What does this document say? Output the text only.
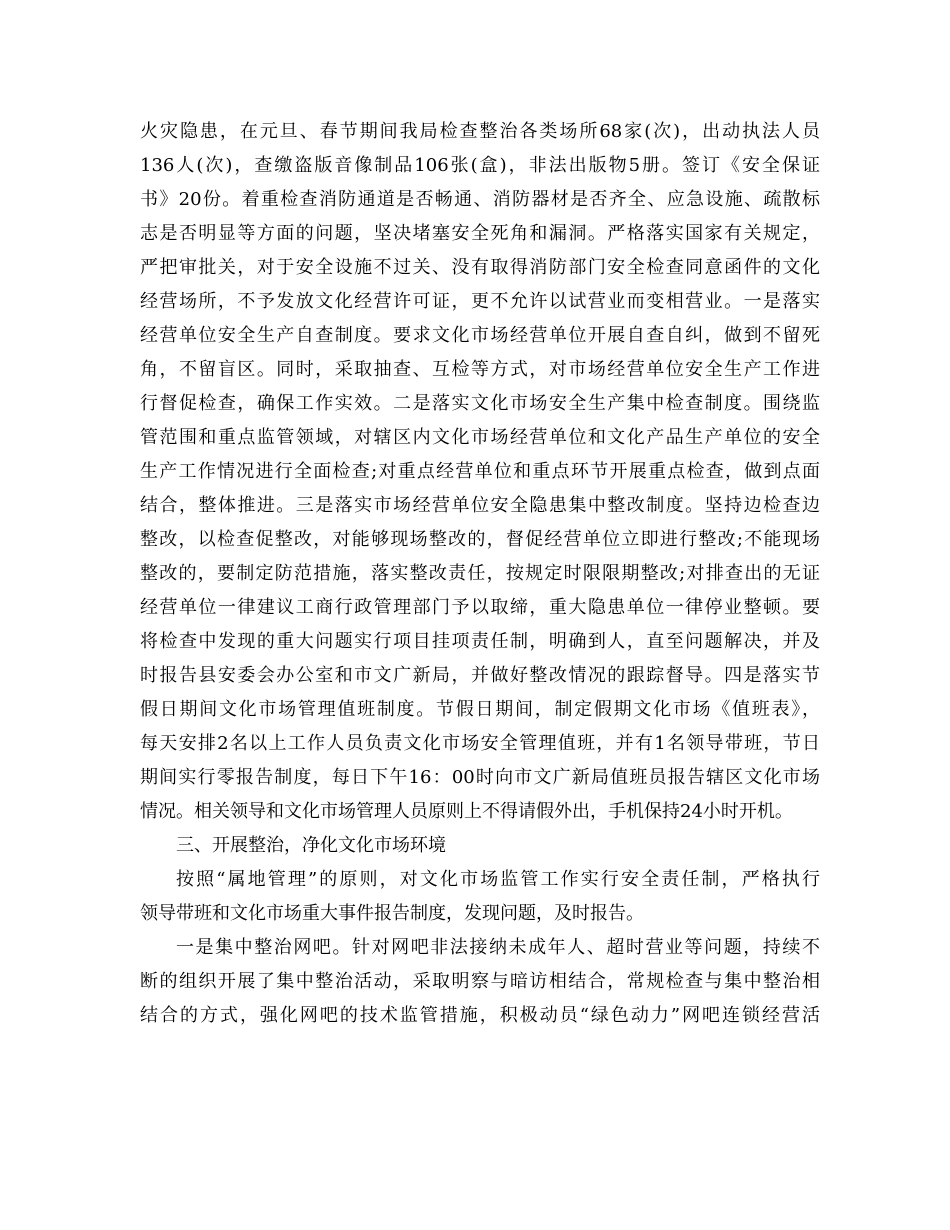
火灾隐患，在元旦、春节期间我局检查整治各类场所68家(次)，出动执法人员

136人(次)，查缴盗版音像制品106张(盒)，非法出版物5册。签订《安全保证

书》20份。着重检查消防通道是否畅通、消防器材是否齐全、应急设施、疏散标

志是否明显等方面的问题，坚决堵塞安全死角和漏洞。严格落实国家有关规定，

严把审批关，对于安全设施不过关、没有取得消防部门安全检查同意函件的文化

经营场所，不予发放文化经营许可证，更不允许以试营业而变相营业。一是落实

经营单位安全生产自查制度。要求文化市场经营单位开展自查自纠，做到不留死

角，不留盲区。同时，采取抽查、互检等方式，对市场经营单位安全生产工作进

行督促检查，确保工作实效。二是落实文化市场安全生产集中检查制度。围绕监

管范围和重点监管领域，对辖区内文化市场经营单位和文化产品生产单位的安全

生产工作情况进行全面检查;对重点经营单位和重点环节开展重点检查，做到点面

结合，整体推进。三是落实市场经营单位安全隐患集中整改制度。坚持边检查边

整改，以检查促整改，对能够现场整改的，督促经营单位立即进行整改;不能现场

整改的，要制定防范措施，落实整改责任，按规定时限限期整改;对排查出的无证

经营单位一律建议工商行政管理部门予以取缔，重大隐患单位一律停业整顿。要

将检查中发现的重大问题实行项目挂项责任制，明确到人，直至问题解决，并及

时报告县安委会办公室和市文广新局，并做好整改情况的跟踪督导。四是落实节

假日期间文化市场管理值班制度。节假日期间，制定假期文化市场《值班表》，

每天安排2名以上工作人员负责文化市场安全管理值班，并有1名领导带班，节日

期间实行零报告制度，每日下午16：00时向市文广新局值班员报告辖区文化市场

情况。相关领导和文化市场管理人员原则上不得请假外出，手机保持24小时开机。

三、开展整治，净化文化市场环境

按照“属地管理”的原则，对文化市场监管工作实行安全责任制，严格执行

领导带班和文化市场重大事件报告制度，发现问题，及时报告。

一是集中整治网吧。针对网吧非法接纳未成年人、超时营业等问题，持续不

断的组织开展了集中整治活动，采取明察与暗访相结合，常规检查与集中整治相

结合的方式，强化网吧的技术监管措施，积极动员“绿色动力”网吧连锁经营活
